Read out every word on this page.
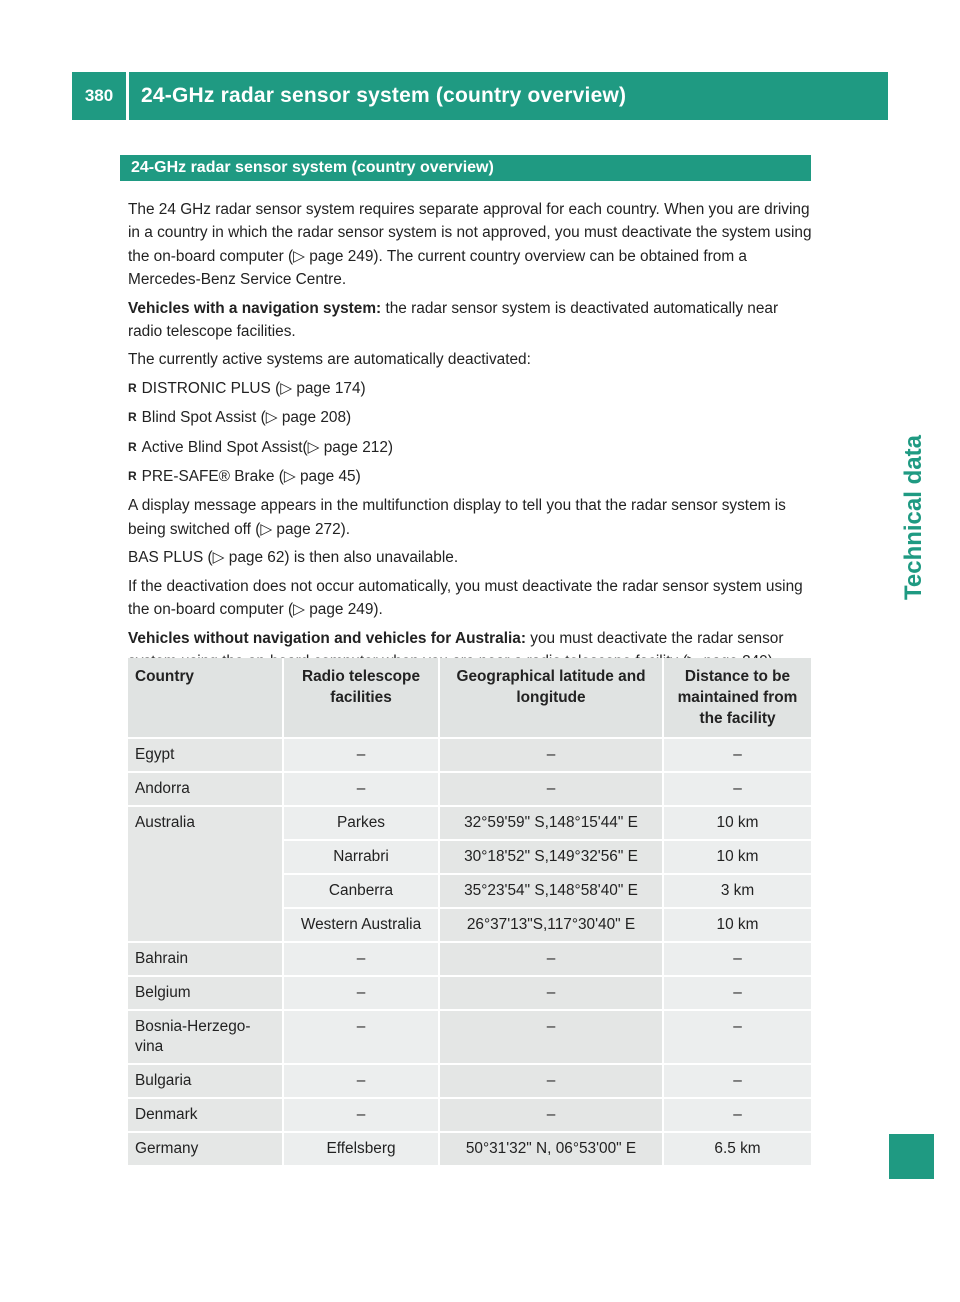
380	24-GHz radar sensor system (country overview)
Technical data
24-GHz radar sensor system (country overview)

The 24 GHz radar sensor system requires separate approval for each country. When you are driving in a country in which the radar sensor system is not approved, you must deactivate the system using the on-board computer (▷ page 249). The current country overview can be obtained from a Mercedes-Benz Service Centre.

Vehicles with a navigation system: the radar sensor system is deactivated automatically near radio telescope facilities.

The currently active systems are automatically deactivated:

R DISTRONIC PLUS (▷ page 174)
R Blind Spot Assist (▷ page 208)
R Active Blind Spot Assist(▷ page 212)
R PRE-SAFE® Brake (▷ page 45)

A display message appears in the multifunction display to tell you that the radar sensor system is being switched off (▷ page 272).

BAS PLUS (▷ page 62) is then also unavailable.

If the deactivation does not occur automatically, you must deactivate the radar sensor system using the on-board computer (▷ page 249).

Vehicles without navigation and vehicles for Australia: you must deactivate the radar sensor

Country	Radio telescope facilities	Geographical latitude and longitude	Distance to be maintained from the facility
Egypt	–	–	–
Andorra	–	–	–
Australia	Parkes	32°59'59" S,148°15'44" E	10 km
	Narrabri	30°18'52" S,149°32'56" E	10 km
	Canberra	35°23'54" S,148°58'40" E	3 km
	Western Australia	26°37'13"S,117°30'40" E	10 km
Bahrain	–	–	–
Belgium	–	–	–
Bosnia-Herzego-vina	–	–	–
Bulgaria	–	–	–
Denmark	–	–	–
Germany	Effelsberg	50°31'32" N, 06°53'00" E	6.5 km
